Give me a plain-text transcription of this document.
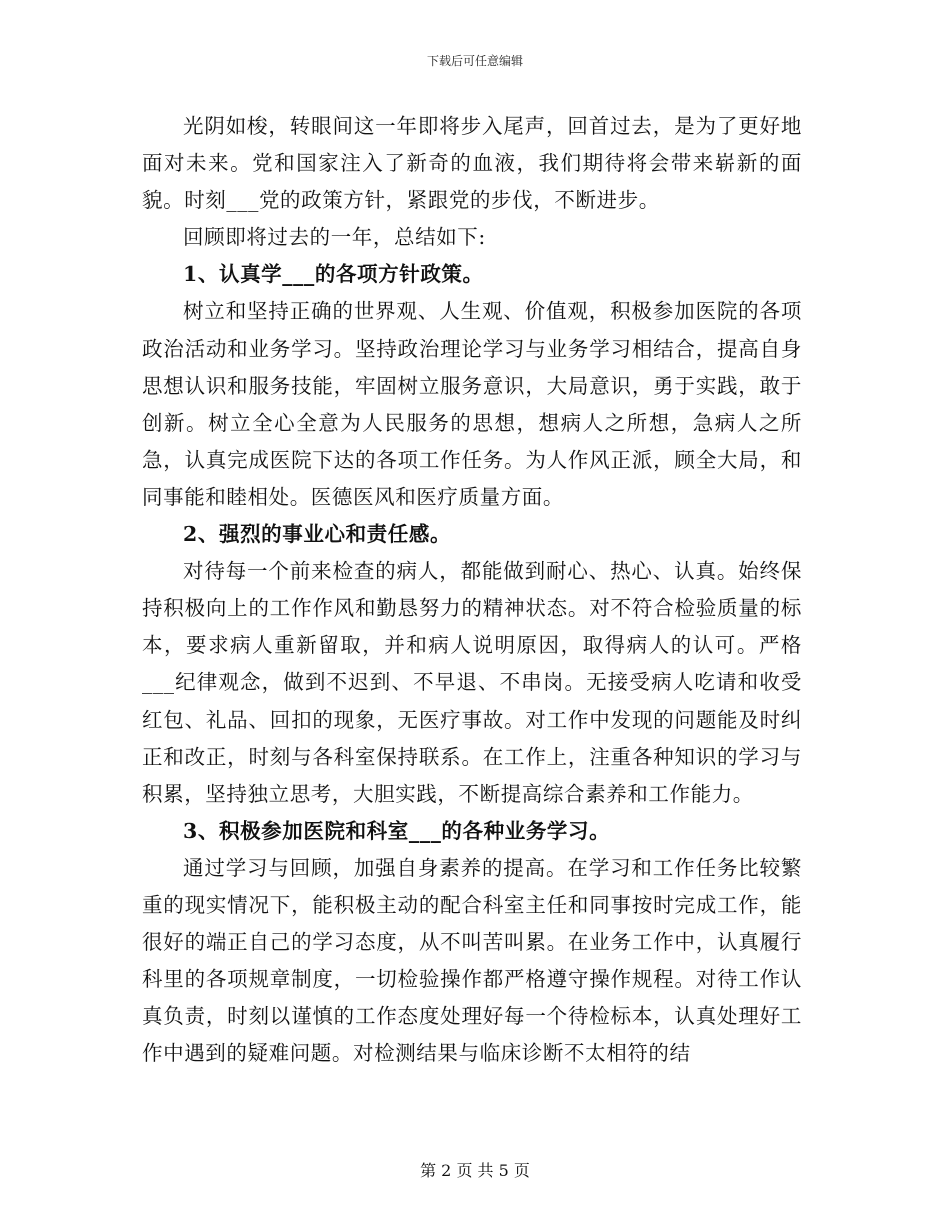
下载后可任意编辑

光阴如梭，转眼间这一年即将步入尾声，回首过去，是为了更好地面对未来。党和国家注入了新奇的血液，我们期待将会带来崭新的面貌。时刻___党的政策方针，紧跟党的步伐，不断进步。

回顾即将过去的一年，总结如下:

1、认真学___的各项方针政策。

树立和坚持正确的世界观、人生观、价值观，积极参加医院的各项政治活动和业务学习。坚持政治理论学习与业务学习相结合，提高自身思想认识和服务技能，牢固树立服务意识，大局意识，勇于实践，敢于创新。树立全心全意为人民服务的思想，想病人之所想，急病人之所急，认真完成医院下达的各项工作任务。为人作风正派，顾全大局，和同事能和睦相处。医德医风和医疗质量方面。

2、强烈的事业心和责任感。

对待每一个前来检查的病人，都能做到耐心、热心、认真。始终保持积极向上的工作作风和勤恳努力的精神状态。对不符合检验质量的标本，要求病人重新留取，并和病人说明原因，取得病人的认可。严格___纪律观念，做到不迟到、不早退、不串岗。无接受病人吃请和收受红包、礼品、回扣的现象，无医疗事故。对工作中发现的问题能及时纠正和改正，时刻与各科室保持联系。在工作上，注重各种知识的学习与积累，坚持独立思考，大胆实践，不断提高综合素养和工作能力。

3、积极参加医院和科室___的各种业务学习。

通过学习与回顾，加强自身素养的提高。在学习和工作任务比较繁重的现实情况下，能积极主动的配合科室主任和同事按时完成工作，能很好的端正自己的学习态度，从不叫苦叫累。在业务工作中，认真履行科里的各项规章制度，一切检验操作都严格遵守操作规程。对待工作认真负责，时刻以谨慎的工作态度处理好每一个待检标本，认真处理好工作中遇到的疑难问题。对检测结果与临床诊断不太相符的结

第 2 页 共 5 页
